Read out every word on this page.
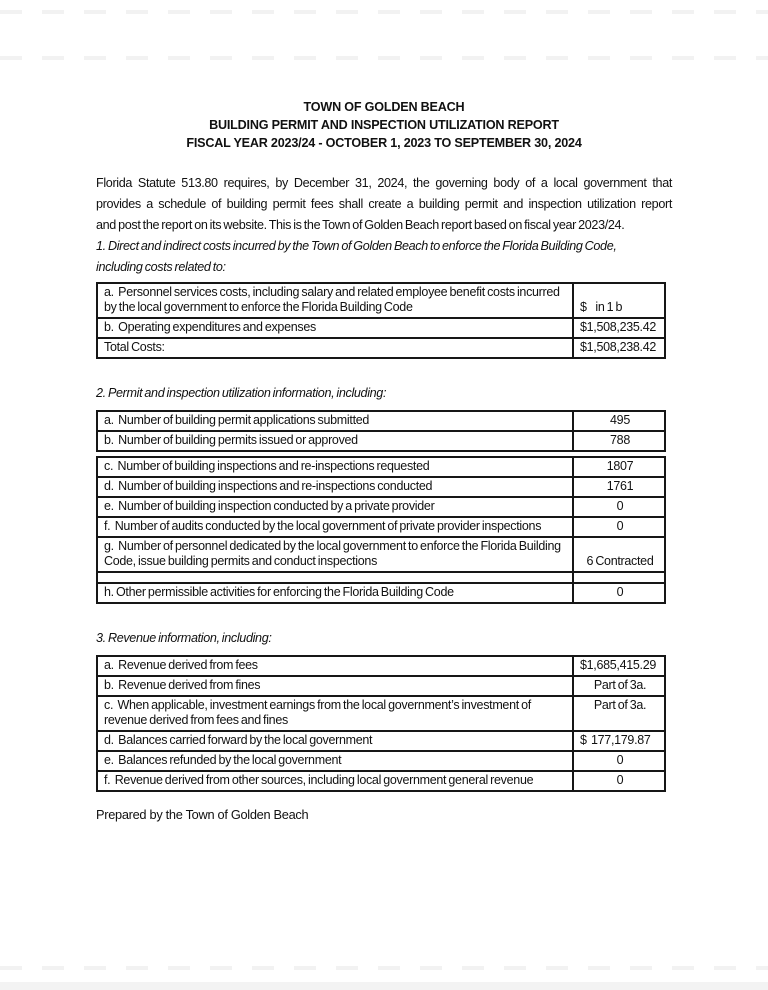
TOWN OF GOLDEN BEACH
BUILDING PERMIT AND INSPECTION UTILIZATION REPORT
FISCAL YEAR 2023/24 - OCTOBER 1, 2023 TO SEPTEMBER 30, 2024
Florida Statute 513.80 requires, by December 31, 2024, the governing body of a local government that
provides a schedule of building permit fees shall create a building permit and inspection utilization report
and post the report on its website. This is the Town of Golden Beach report based on fiscal year 2023/24.
1. Direct and indirect costs incurred by the Town of Golden Beach to enforce the Florida Building Code,
including costs related to:
a.  Personnel services costs, including salary and related employee benefit costs incurred by the local government to enforce the Florida Building Code	$    in 1 b
b.  Operating expenditures and expenses	$1,508,235.42
Total Costs:	$1,508,238.42
2. Permit and inspection utilization information, including:
a.  Number of building permit applications submitted	495
b.  Number of building permits issued or approved	788
c.  Number of building inspections and re-inspections requested	1807
d.  Number of building inspections and re-inspections conducted	1761
e.  Number of building inspection conducted by a private provider	0
f.  Number of audits conducted by the local government of private provider inspections	0
g.  Number of personnel dedicated by the local government to enforce the Florida Building Code, issue building permits and conduct inspections	6 Contracted

h. Other permissible activities for enforcing the Florida Building Code	0
3. Revenue information, including:
a.  Revenue derived from fees	$1,685,415.29
b.  Revenue derived from fines	Part of 3a.
c.  When applicable, investment earnings from the local government’s investment of revenue derived from fees and fines	Part of 3a.
d.  Balances carried forward by the local government	$  177,179.87
e.  Balances refunded by the local government	0
f.  Revenue derived from other sources, including local government general revenue	0
Prepared by the Town of Golden Beach
